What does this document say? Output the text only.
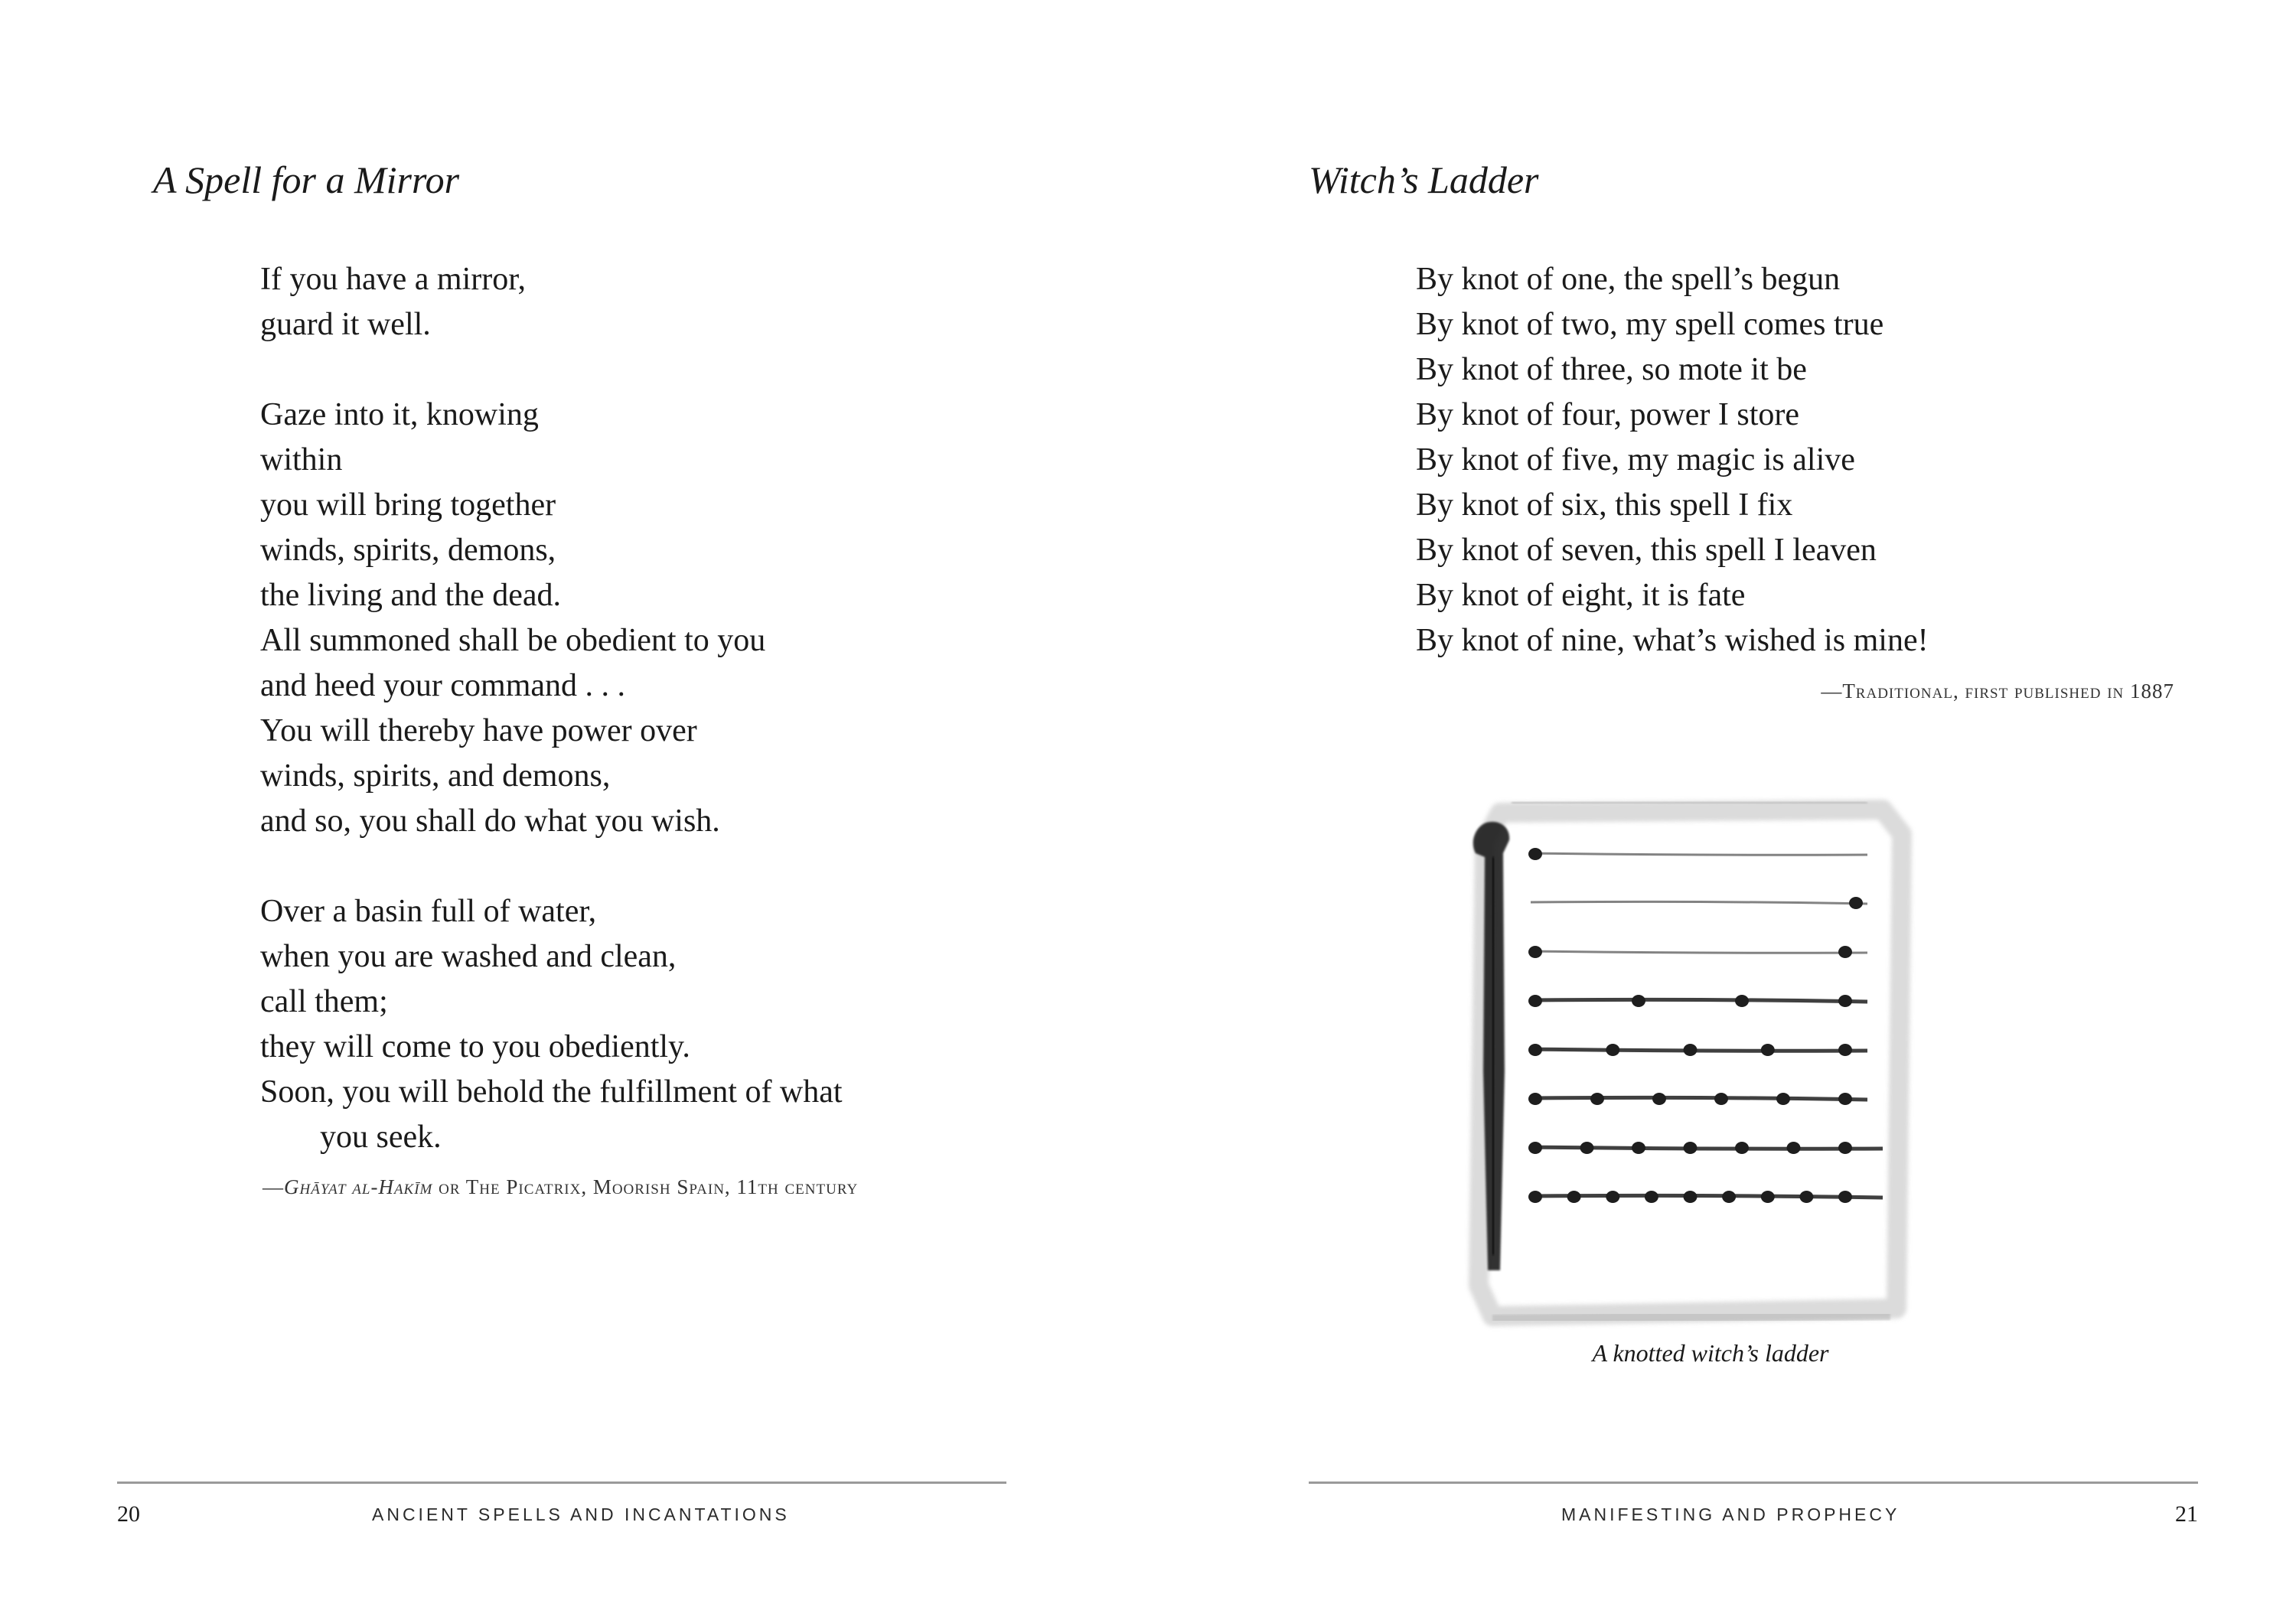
A Spell for a Mirror

If you have a mirror,
guard it well.

Gaze into it, knowing
within
you will bring together
winds, spirits, demons,
the living and the dead.
All summoned shall be obedient to you
and heed your command . . .
You will thereby have power over
winds, spirits, and demons,
and so, you shall do what you wish.

Over a basin full of water,
when you are washed and clean,
call them;
they will come to you obediently.
Soon, you will behold the fulfillment of what
you seek.

—Ghāyat al-Hakīm or The Picatrix, Moorish Spain, 11th century
20	ANCIENT SPELLS AND INCANTATIONS
Witch’s Ladder

By knot of one, the spell’s begun
By knot of two, my spell comes true
By knot of three, so mote it be
By knot of four, power I store
By knot of five, my magic is alive
By knot of six, this spell I fix
By knot of seven, this spell I leaven
By knot of eight, it is fate
By knot of nine, what’s wished is mine!

—Traditional, first published in 1887
A knotted witch’s ladder
MANIFESTING AND PROPHECY	21
